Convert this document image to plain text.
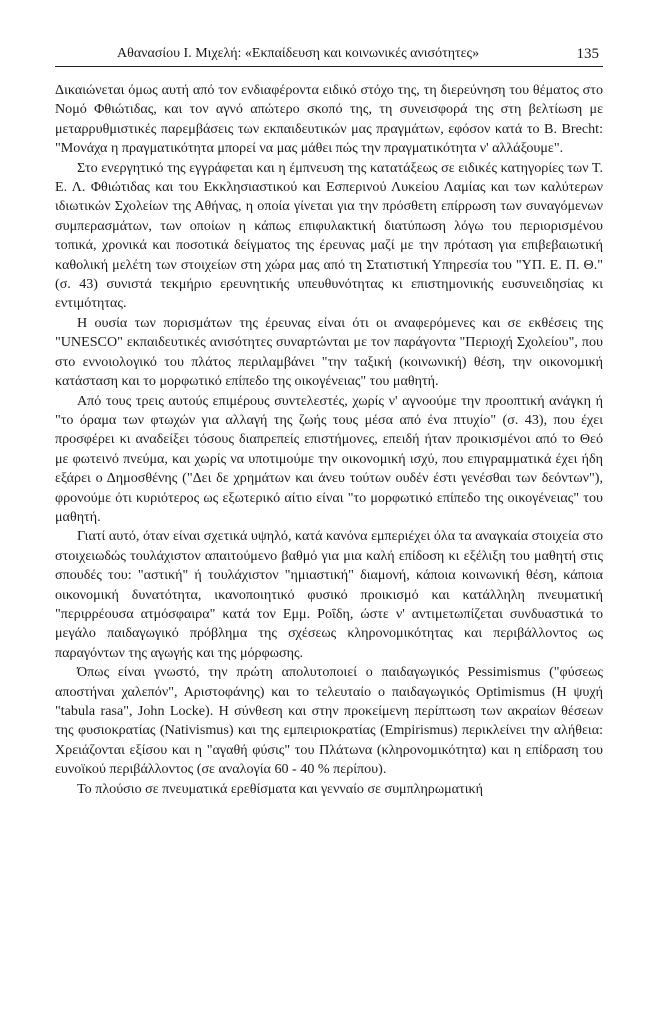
Αθανασίου Ι. Μιχελή: «Εκπαίδευση και κοινωνικές ανισότητες»	135

Δικαιώνεται όμως αυτή από τον ενδιαφέροντα ειδικό στόχο της, τη διερεύνηση του θέματος στο Νομό Φθιώτιδας, και τον αγνό απώτερο σκοπό της, τη συνεισφορά της στη βελτίωση με μεταρρυθμιστικές παρεμβάσεις των εκπαιδευτικών μας πραγμάτων, εφόσον κατά το Β. Brecht: "Μονάχα η πραγματικότητα μπορεί να μας μάθει πώς την πραγματικότητα ν' αλλάξουμε".

Στο ενεργητικό της εγγράφεται και η έμπνευση της κατατάξεως σε ειδικές κατηγορίες των Τ. Ε. Λ. Φθιώτιδας και του Εκκλησιαστικού και Εσπερινού Λυκείου Λαμίας και των καλύτερων ιδιωτικών Σχολείων της Αθήνας, η οποία γίνεται για την πρόσθετη επίρρωση των συναγόμενων συμπερασμάτων, των οποίων η κάπως επιφυλακτική διατύπωση λόγω του περιορισμένου τοπικά, χρονικά και ποσοτικά δείγματος της έρευνας μαζί με την πρόταση για επιβεβαιωτική καθολική μελέτη των στοιχείων στη χώρα μας από τη Στατιστική Υπηρεσία του "ΥΠ. Ε. Π. Θ." (σ. 43) συνιστά τεκμήριο ερευνητικής υπευθυνότητας κι επιστημονικής ευσυνειδησίας κι εντιμότητας.

Η ουσία των πορισμάτων της έρευνας είναι ότι οι αναφερόμενες και σε εκθέσεις της "UNESCO" εκπαιδευτικές ανισότητες συναρτώνται με τον παράγοντα "Περιοχή Σχολείου", που στο εννοιολογικό του πλάτος περιλαμβάνει "την ταξική (κοινωνική) θέση, την οικονομική κατάσταση και το μορφωτικό επίπεδο της οικογένειας" του μαθητή.

Από τους τρεις αυτούς επιμέρους συντελεστές, χωρίς ν' αγνοούμε την προοπτική ανάγκη ή "το όραμα των φτωχών για αλλαγή της ζωής τους μέσα από ένα πτυχίο" (σ. 43), που έχει προσφέρει κι αναδείξει τόσους διαπρεπείς επιστήμονες, επειδή ήταν προικισμένοι από το Θεό με φωτεινό πνεύμα, και χωρίς να υποτιμούμε την οικονομική ισχύ, που επιγραμματικά έχει ήδη εξάρει ο Δημοσθένης ("Δει δε χρημάτων και άνευ τούτων ουδέν έστι γενέσθαι των δεόντων"), φρονούμε ότι κυριότερος ως εξωτερικό αίτιο είναι "το μορφωτικό επίπεδο της οικογένειας" του μαθητή.

Γιατί αυτό, όταν είναι σχετικά υψηλό, κατά κανόνα εμπεριέχει όλα τα αναγκαία στοιχεία στο στοιχειωδώς τουλάχιστον απαιτούμενο βαθμό για μια καλή επίδοση κι εξέλιξη του μαθητή στις σπουδές του: "αστική" ή τουλάχιστον "ημιαστική" διαμονή, κάποια κοινωνική θέση, κάποια οικονομική δυνατότητα, ικανοποιητικό φυσικό προικισμό και κατάλληλη πνευματική "περιρρέουσα ατμόσφαιρα" κατά τον Εμμ. Ροΐδη, ώστε ν' αντιμετωπίζεται συνδυαστικά το μεγάλο παιδαγωγικό πρόβλημα της σχέσεως κληρονομικότητας και περιβάλλοντος ως παραγόντων της αγωγής και της μόρφωσης.

Όπως είναι γνωστό, την πρώτη απολυτοποιεί ο παιδαγωγικός Pessimismus ("φύσεως αποστήναι χαλεπόν", Αριστοφάνης) και το τελευταίο ο παιδαγωγικός Optimismus (Η ψυχή "tabula rasa", John Locke). Η σύνθεση και στην προκείμενη περίπτωση των ακραίων θέσεων της φυσιοκρατίας (Nativismus) και της εμπειριοκρατίας (Empirismus) περικλείνει την αλήθεια: Χρειάζονται εξίσου και η "αγαθή φύσις" του Πλάτωνα (κληρονομικότητα) και η επίδραση του ευνοϊκού περιβάλλοντος (σε αναλογία 60 - 40 % περίπου).

Το πλούσιο σε πνευματικά ερεθίσματα και γενναίο σε συμπληρωματική
